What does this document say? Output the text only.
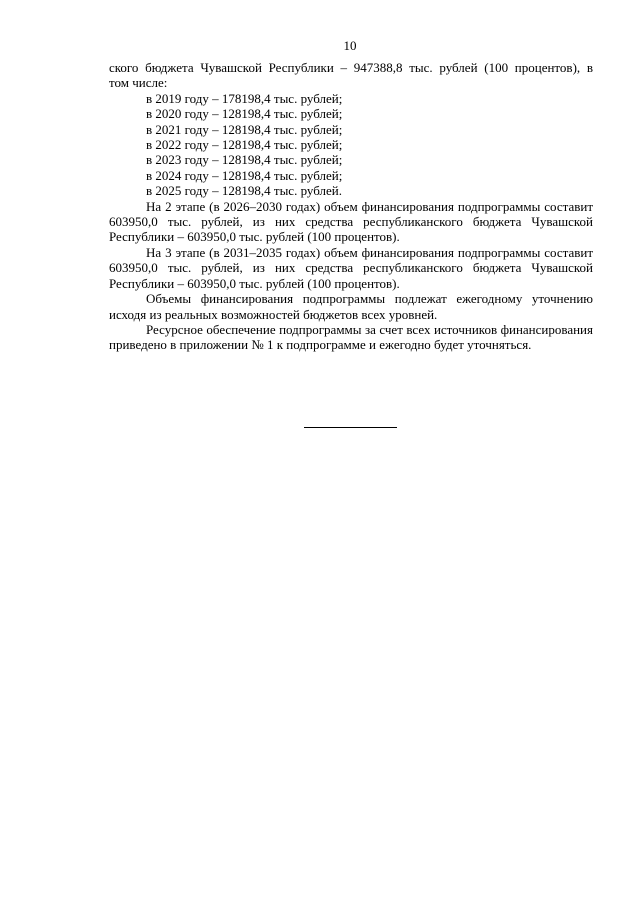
10

ского бюджета Чувашской Республики – 947388,8 тыс. рублей (100 процентов), в

том числе:

в 2019 году – 178198,4 тыс. рублей;

в 2020 году – 128198,4 тыс. рублей;

в 2021 году – 128198,4 тыс. рублей;

в 2022 году – 128198,4 тыс. рублей;

в 2023 году – 128198,4 тыс. рублей;

в 2024 году – 128198,4 тыс. рублей;

в 2025 году – 128198,4 тыс. рублей.

На 2 этапе (в 2026–2030 годах) объем финансирования подпрограммы составит 603950,0 тыс. рублей, из них средства республиканского бюджета Чувашской Республики – 603950,0 тыс. рублей (100 процентов).

На 3 этапе (в 2031–2035 годах) объем финансирования подпрограммы составит 603950,0 тыс. рублей, из них средства республиканского бюджета Чувашской Республики – 603950,0 тыс. рублей (100 процентов).

Объемы финансирования подпрограммы подлежат ежегодному уточнению исходя из реальных возможностей бюджетов всех уровней.

Ресурсное обеспечение подпрограммы за счет всех источников финансирования приведено в приложении № 1 к подпрограмме и ежегодно будет уточняться.
